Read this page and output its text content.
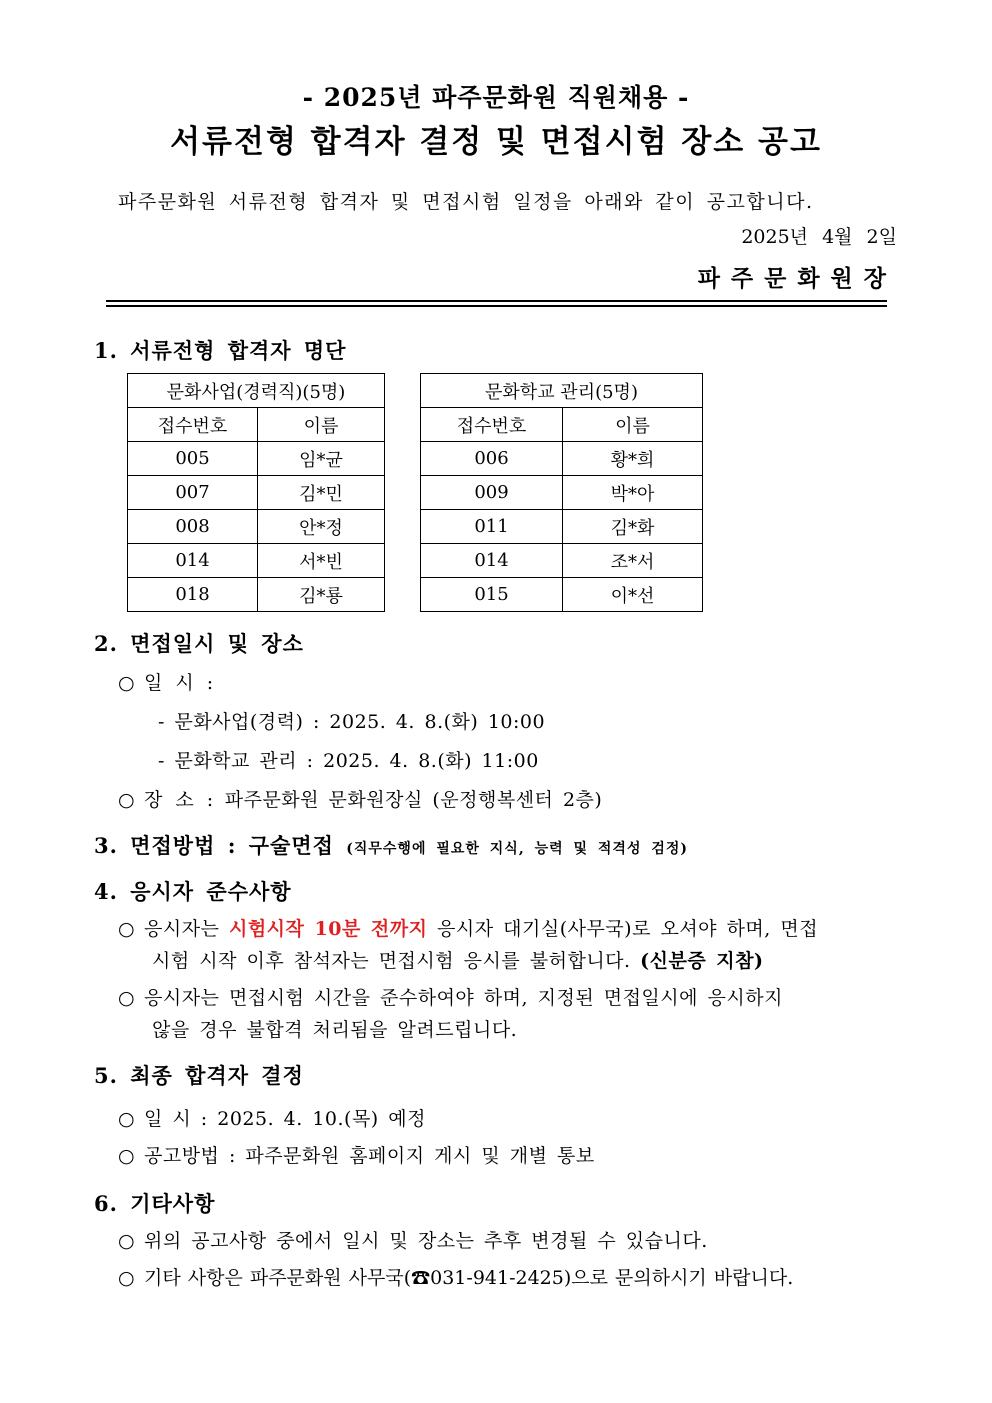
- 2025년 파주문화원 직원채용 -
서류전형 합격자 결정 및 면접시험 장소 공고
파주문화원 서류전형 합격자 및 면접시험 일정을 아래와 같이 공고합니다.
2025년 4월 2일
파주문화원장
1. 서류전형 합격자 명단
문화사업(경력직)(5명)	
접수번호	이름
005	임*균
007	김*민
008	안*정
014	서*빈
018	김*룡
문화학교 관리(5명)	
접수번호	이름
006	황*희
009	박*아
011	김*화
014	조*서
015	이*선
2. 면접일시 및 장소
○ 일 시 :
- 문화사업(경력) : 2025. 4. 8.(화) 10:00
- 문화학교 관리 : 2025. 4. 8.(화) 11:00
○ 장 소 : 파주문화원 문화원장실 (운정행복센터 2층)
3. 면접방법 : 구술면접 (직무수행에 필요한 지식, 능력 및 적격성 검정)
4. 응시자 준수사항
○ 응시자는 시험시작 10분 전까지 응시자 대기실(사무국)로 오셔야 하며, 면접
시험 시작 이후 참석자는 면접시험 응시를 불허합니다. (신분증 지참)
○ 응시자는 면접시험 시간을 준수하여야 하며, 지정된 면접일시에 응시하지
않을 경우 불합격 처리됨을 알려드립니다.
5. 최종 합격자 결정
○ 일 시 : 2025. 4. 10.(목) 예정
○ 공고방법 : 파주문화원 홈페이지 게시 및 개별 통보
6. 기타사항
○ 위의 공고사항 중에서 일시 및 장소는 추후 변경될 수 있습니다.
○ 기타 사항은 파주문화원 사무국(☎031-941-2425)으로 문의하시기 바랍니다.
